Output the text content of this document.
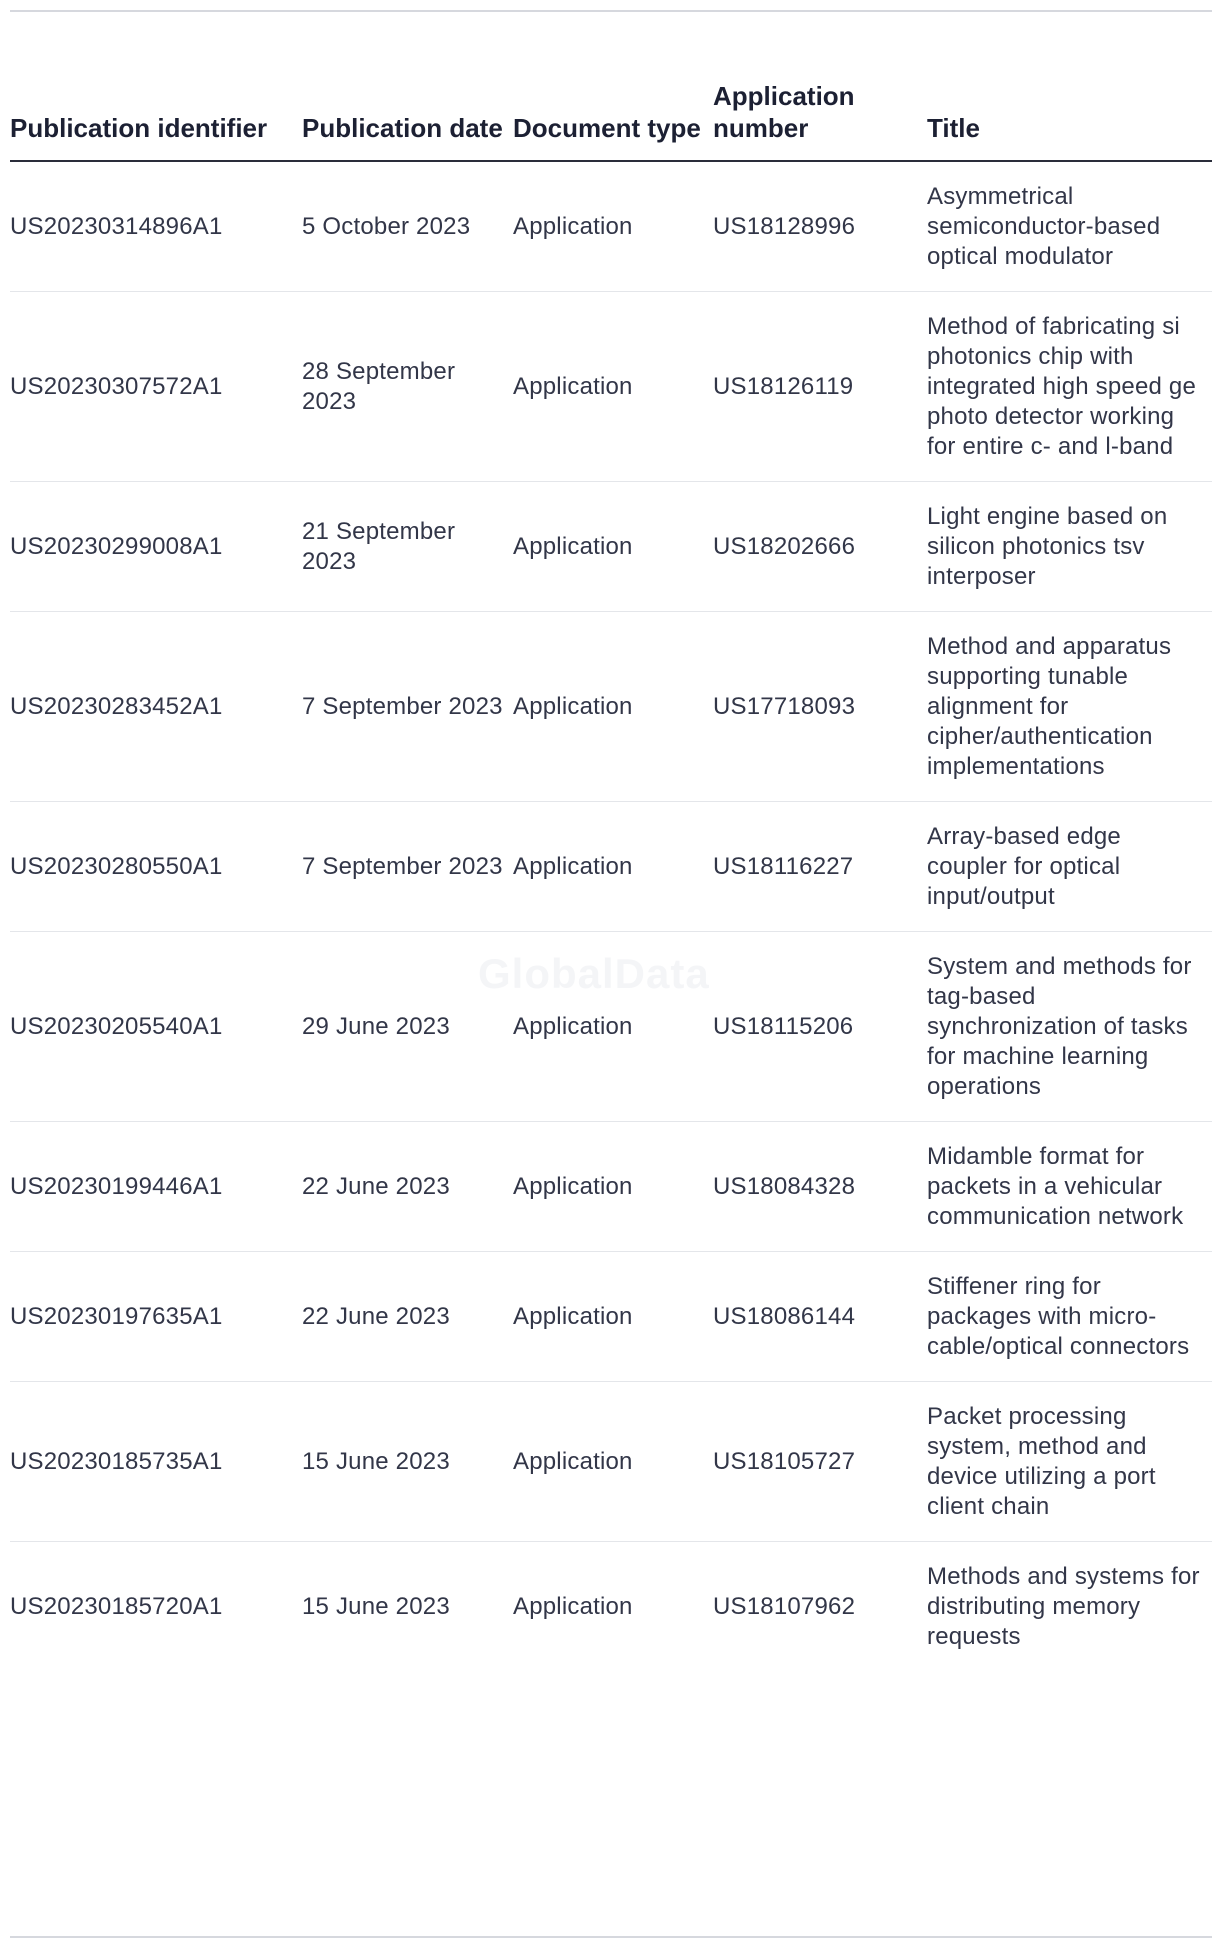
Publication identifier	Publication date	Document type	Application number	Title
US20230314896A1	5 October 2023	Application	US18128996	Asymmetrical semiconductor-based optical modulator
US20230307572A1	28 September 2023	Application	US18126119	Method of fabricating si photonics chip with integrated high speed ge photo detector working for entire c- and l-band
US20230299008A1	21 September 2023	Application	US18202666	Light engine based on silicon photonics tsv interposer
US20230283452A1	7 September 2023	Application	US17718093	Method and apparatus supporting tunable alignment for cipher/authentication implementations
US20230280550A1	7 September 2023	Application	US18116227	Array-based edge coupler for optical input/output
US20230205540A1	29 June 2023	Application	US18115206	System and methods for tag-based synchronization of tasks for machine learning operations
US20230199446A1	22 June 2023	Application	US18084328	Midamble format for packets in a vehicular communication network
US20230197635A1	22 June 2023	Application	US18086144	Stiffener ring for packages with micro-cable/optical connectors
US20230185735A1	15 June 2023	Application	US18105727	Packet processing system, method and device utilizing a port client chain
US20230185720A1	15 June 2023	Application	US18107962	Methods and systems for distributing memory requests
GlobalData
